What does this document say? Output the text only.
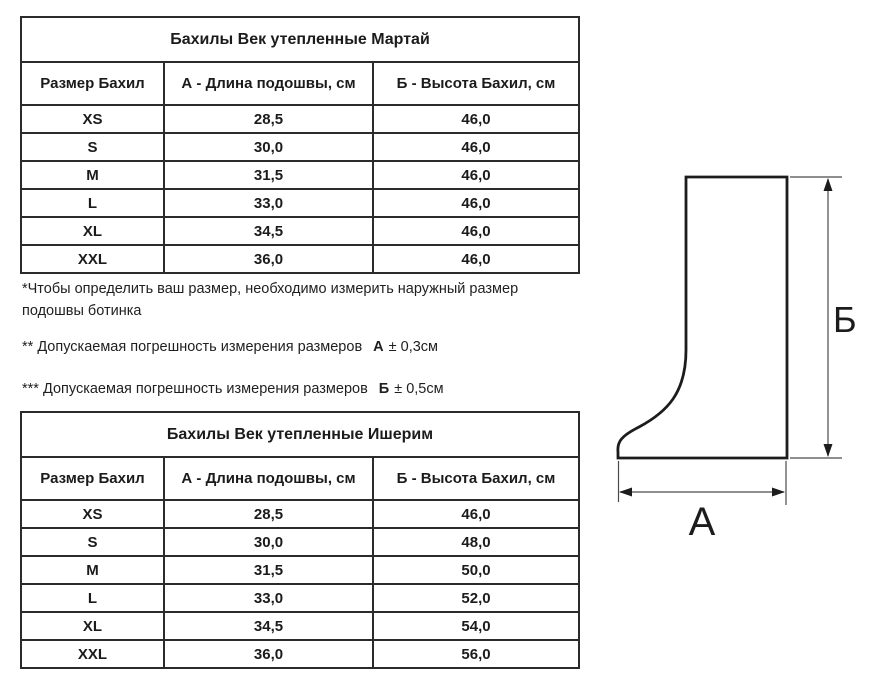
Бахилы Век утепленные Мартай		
Размер Бахил	А - Длина подошвы, см	Б - Высота Бахил, см
XS	28,5	46,0
S	30,0	46,0
M	31,5	46,0
L	33,0	46,0
XL	34,5	46,0
XXL	36,0	46,0

*Чтобы определить ваш размер, необходимо измерить наружный размер
подошвы ботинка

** Допускаемая погрешность измерения размеров А ± 0,3см

*** Допускаемая погрешность измерения размеров Б ± 0,5см

Бахилы Век утепленные Ишерим		
Размер Бахил	А - Длина подошвы, см	Б - Высота Бахил, см
XS	28,5	46,0
S	30,0	48,0
M	31,5	50,0
L	33,0	52,0
XL	34,5	54,0
XXL	36,0	56,0
Б
А
